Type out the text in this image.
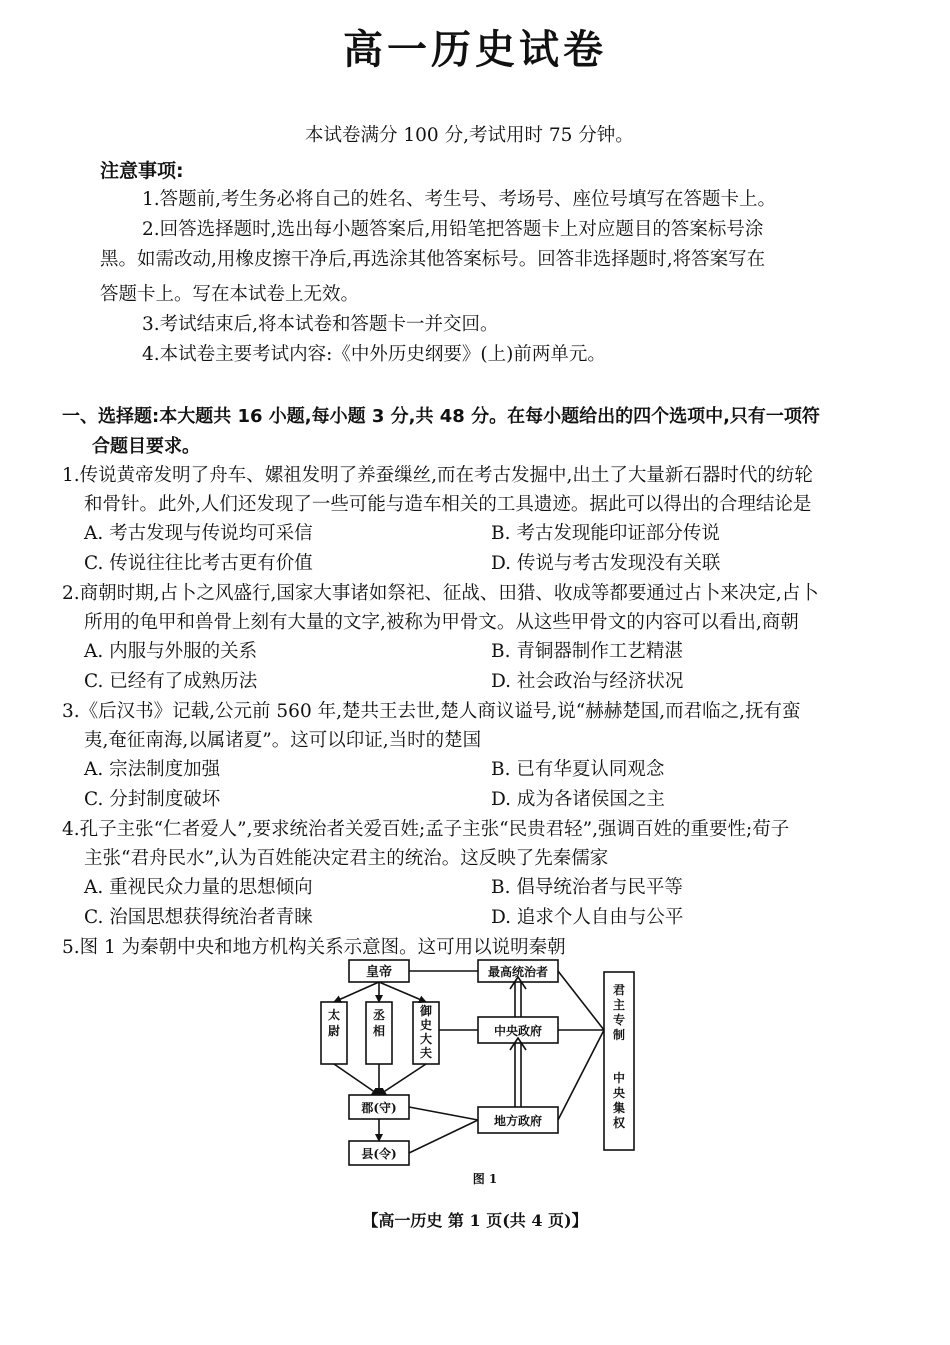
高一历史试卷
本试卷满分 100 分,考试用时 75 分钟。
注意事项:
1.答题前,考生务必将自己的姓名、考生号、考场号、座位号填写在答题卡上。
2.回答选择题时,选出每小题答案后,用铅笔把答题卡上对应题目的答案标号涂
黑。如需改动,用橡皮擦干净后,再选涂其他答案标号。回答非选择题时,将答案写在
答题卡上。写在本试卷上无效。
3.考试结束后,将本试卷和答题卡一并交回。
4.本试卷主要考试内容:《中外历史纲要》(上)前两单元。
一、选择题:本大题共 16 小题,每小题 3 分,共 48 分。在每小题给出的四个选项中,只有一项符
合题目要求。
1.传说黄帝发明了舟车、嫘祖发明了养蚕缫丝,而在考古发掘中,出土了大量新石器时代的纺轮
和骨针。此外,人们还发现了一些可能与造车相关的工具遗迹。据此可以得出的合理结论是
A. 考古发现与传说均可采信	B. 考古发现能印证部分传说
C. 传说往往比考古更有价值	D. 传说与考古发现没有关联
2.商朝时期,占卜之风盛行,国家大事诸如祭祀、征战、田猎、收成等都要通过占卜来决定,占卜
所用的龟甲和兽骨上刻有大量的文字,被称为甲骨文。从这些甲骨文的内容可以看出,商朝
A. 内服与外服的关系	B. 青铜器制作工艺精湛
C. 已经有了成熟历法	D. 社会政治与经济状况
3.《后汉书》记载,公元前 560 年,楚共王去世,楚人商议谥号,说“赫赫楚国,而君临之,抚有蛮
夷,奄征南海,以属诸夏”。这可以印证,当时的楚国
A. 宗法制度加强	B. 已有华夏认同观念
C. 分封制度破坏	D. 成为各诸侯国之主
4.孔子主张“仁者爱人”,要求统治者关爱百姓;孟子主张“民贵君轻”,强调百姓的重要性;荀子
主张“君舟民水”,认为百姓能决定君主的统治。这反映了先秦儒家
A. 重视民众力量的思想倾向	B. 倡导统治者与民平等
C. 治国思想获得统治者青睐	D. 追求个人自由与公平
5.图 1 为秦朝中央和地方机构关系示意图。这可用以说明秦朝
皇帝	最高统治者
中央政府
郡(守)
地方政府
县(令)
图 1
太尉
丞相
御史大夫
君主专制
中央集权
【高一历史 第 1 页(共 4 页)】
